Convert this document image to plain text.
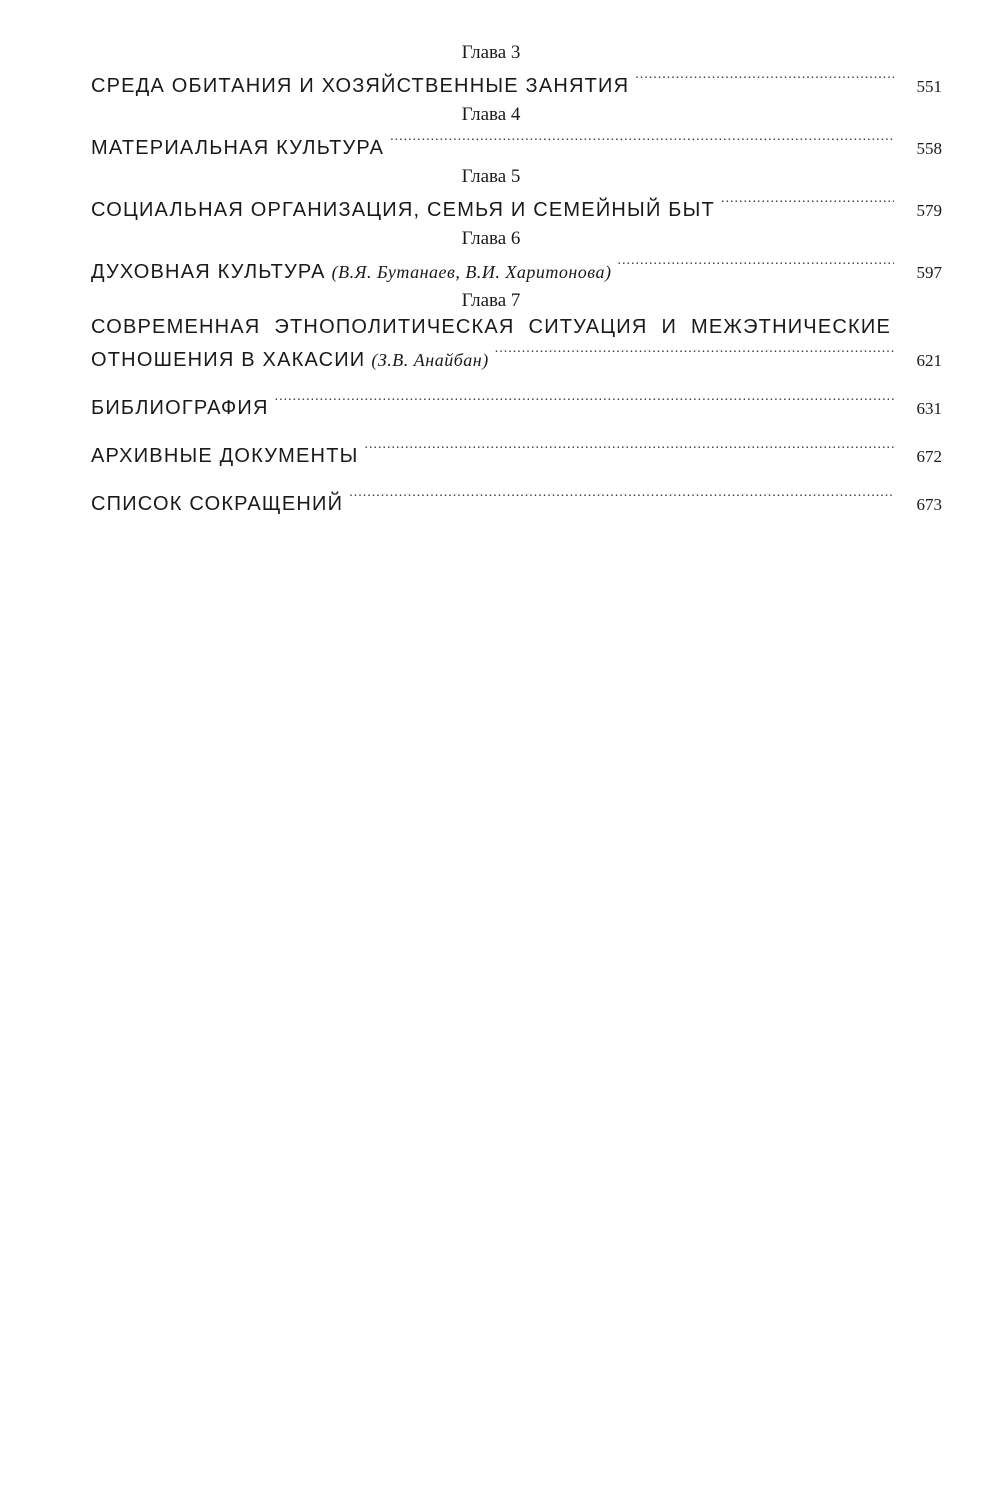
Глава 3
СРЕДА ОБИТАНИЯ И ХОЗЯЙСТВЕННЫЕ ЗАНЯТИЯ .....	551
Глава 4
МАТЕРИАЛЬНАЯ КУЛЬТУРА .....	558
Глава 5
СОЦИАЛЬНАЯ ОРГАНИЗАЦИЯ, СЕМЬЯ И СЕМЕЙНЫЙ БЫТ .....	579
Глава 6
ДУХОВНАЯ КУЛЬТУРА (В.Я. Бутанаев, В.И. Харитонова) .....	597
Глава 7
СОВРЕМЕННАЯ ЭТНОПОЛИТИЧЕСКАЯ СИТУАЦИЯ И МЕЖЭТНИЧЕСКИЕ
ОТНОШЕНИЯ В ХАКАСИИ (З.В. Анайбан) .....	621
БИБЛИОГРАФИЯ .....	631
АРХИВНЫЕ ДОКУМЕНТЫ .....	672
СПИСОК СОКРАЩЕНИЙ .....	673
